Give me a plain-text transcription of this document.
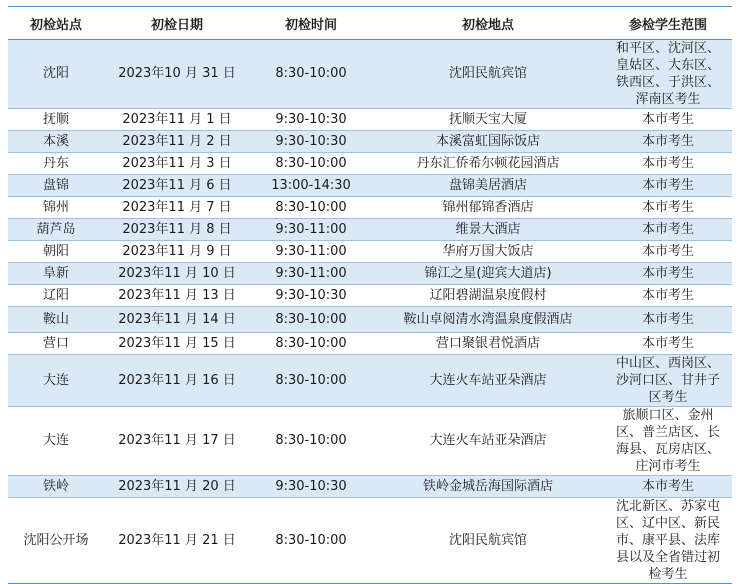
初检站点	初检日期	初检时间	初检地点	参检学生范围
沈阳	2023年10 月 31 日	8:30-10:00	沈阳民航宾馆	和平区、沈河区、皇姑区、大东区、铁西区、于洪区、浑南区考生
抚顺	2023年11 月 1 日	9:30-10:30	抚顺天宝大厦	本市考生
本溪	2023年11 月 2 日	9:30-10:30	本溪富虹国际饭店	本市考生
丹东	2023年11 月 3 日	8:30-10:00	丹东汇侨希尔顿花园酒店	本市考生
盘锦	2023年11 月 6 日	13:00-14:30	盘锦美居酒店	本市考生
锦州	2023年11 月 7 日	8:30-10:00	锦州郁锦香酒店	本市考生
葫芦岛	2023年11 月 8 日	9:30-11:00	维景大酒店	本市考生
朝阳	2023年11 月 9 日	9:30-11:00	华府万国大饭店	本市考生
阜新	2023年11 月 10 日	9:30-11:00	锦江之星(迎宾大道店)	本市考生
辽阳	2023年11 月 13 日	9:30-10:30	辽阳碧湖温泉度假村	本市考生
鞍山	2023年11 月 14 日	8:30-10:00	鞍山卓阅清水湾温泉度假酒店	本市考生
营口	2023年11 月 15 日	8:30-10:00	营口聚银君悦酒店	本市考生
大连	2023年11 月 16 日	8:30-10:00	大连火车站亚朵酒店	中山区、西岗区、沙河口区、甘井子区考生
大连	2023年11 月 17 日	8:30-10:00	大连火车站亚朵酒店	旅顺口区、金州区、普兰店区、长海县、瓦房店区、庄河市考生
铁岭	2023年11 月 20 日	9:30-10:30	铁岭金城岳海国际酒店	本市考生
沈阳公开场	2023年11 月 21 日	8:30-10:00	沈阳民航宾馆	沈北新区、苏家屯区、辽中区、新民市、康平县、法库县以及全省错过初检考生
